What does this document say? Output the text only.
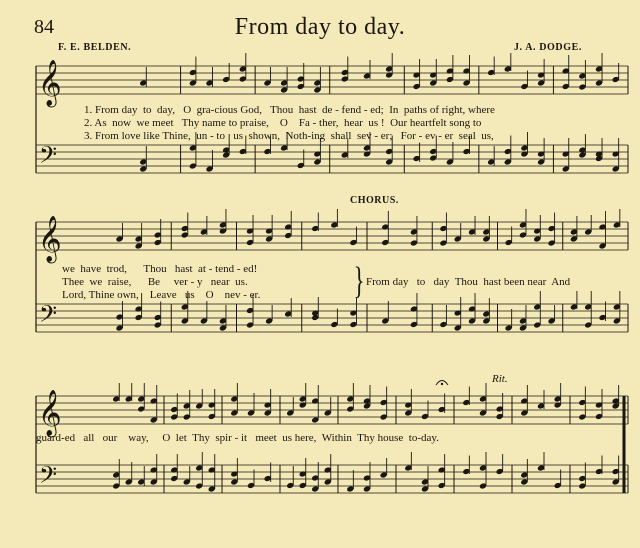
84	From day to day.
F. E. BELDEN.	J. A. DODGE.
𝄞
𝄢
𝄞
𝄢
𝄞
𝄢
1. From day  to  day,   O  gra-cious God,   Thou  hast  de - fend - ed;  In  paths of right, where
2. As  now  we meet   Thy name to praise,    O    Fa - ther,  hear  us !  Our heartfelt song to
3. From love like Thine,  un - to   us  shown,  Noth-ing  shall  sev - er;   For - ev - er  seal  us,
CHORUS.
we  have  trod,      Thou   hast  at - tend - ed!
Thee  we  raise,      Be     ver - y   near  us.
Lord, Thine own,    Leave   us    O    nev - er. } From day   to   day  Thou  hast been near  And
Rit.
guard-ed   all   our    way,     O  let  Thy  spir - it   meet  us here,  Within  Thy house  to-day.
